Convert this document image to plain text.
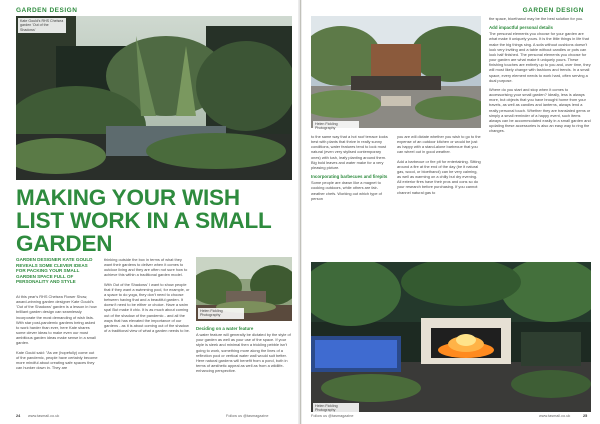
GARDEN DESIGN
Kate Gould's RHS Chelsea garden 'Out of the Shadows'
MAKING YOUR WISH LIST WORK IN A SMALL GARDEN
GARDEN DESIGNER KATE GOULD REVEALS SOME CLEVER IDEAS FOR PACKING YOUR SMALL GARDEN SPACE FULL OF PERSONALITY AND STYLE

At this year's RHS Chelsea Flower Show, award-winning garden designer Kate Gould's 'Out of the Shadows' garden is a lesson in how brilliant garden design can seamlessly incorporate the most demanding of wish lists. With star post-pandemic gardens being asked to work harder than ever, here Kate shares some clever ideas to make even our most ambitious garden ideas make sense in a small garden.

Kate Gould said: "As we (hopefully) come out of the pandemic, people have certainly become more mindful about creating safe spaces they can hunker down in. They are

thinking outside the box in terms of what they want their gardens to deliver when it comes to outdoor living and they are often not sure how to achieve this within a traditional garden model.

With Out of the Shadows' I want to show people that if they want a swimming pool, for example, or a space to do yoga, they don't need to choose between having that and a beautiful garden. It doesn't need to be either or choice. Have a swim spa! But make it chic. It is as much about coming out of the shadow of the pandemic - and all the ways that has elevated the importance of our gardens - as it is about coming out of the shadow of a traditional view of what a garden needs to be.

Helen Fickling Photography
Deciding on a water feature

A water feature will generally be dictated by the style of your garden as well as your use of the space. If your style is sleek and minimal then a trickling pebble isn't going to work, something more along the lines of a reflection pool or vertical water wall would suit better. Here natural gardens will benefit from a pond, both in terms of aesthetic appeal as well as from a wildlife-enhancing perspective.

24 www.tasmail.co.uk	Follow us @tasmagazine
GARDEN DESIGN
Helen Fickling Photography

to the same way that a hot roof terrace looks best with plants that thrive in really sunny conditions, water features tend to look most natural (even very stylised contemporary ones) with lush, leafy planting around them. Big bold leaves and water make for a very pleasing picture.

Incorporating barbecues and firepits

Some people are drawn like a magnet to cooking outdoors, while others are fair-weather chefs. Working out which type of person

you are will dictate whether you wish to go to the expense of an outdoor kitchen or would be just as happy with a stand-alone barbecue that you can wheel out in good weather.

Add a barbecue or fire pit for entertaining. Sitting around a fire at the end of the day (be it natural gas, wood, or bioethanol) can be very calming, as well as warming on a chilly but dry evening. All exterior fires have their pros and cons so do your research before purchasing. If you cannot channel natural gas to

the space, bioethanol may be the best solution for you.

Add impactful personal details

The personal elements you choose for your garden are what make it uniquely yours. It is the little things in life that make the big things sing. A sofa without cushions doesn't look very inviting and a table without candles or pots can look half finished. The personal elements you choose for your garden are what make it uniquely yours. These finishing touches are entirely up to you and, over time, they will most likely change with fashions and trends. In a small space, every element needs to work hard, often serving a dual purpose.

Where do you start and stop when it comes to accessorising your small garden? Ideally, less is always more, but objects that you have brought home from your travels, as well as candles and lanterns, always lend a really personal touch. Whether they are translated gems or simply a small reminder of a happy event, such items always can be accommodated easily in a small garden and updating these accessories is also an easy way to ring the changes.

Helen Fickling Photography
Follow us @tasmagazine	www.tasmail.co.uk	25
